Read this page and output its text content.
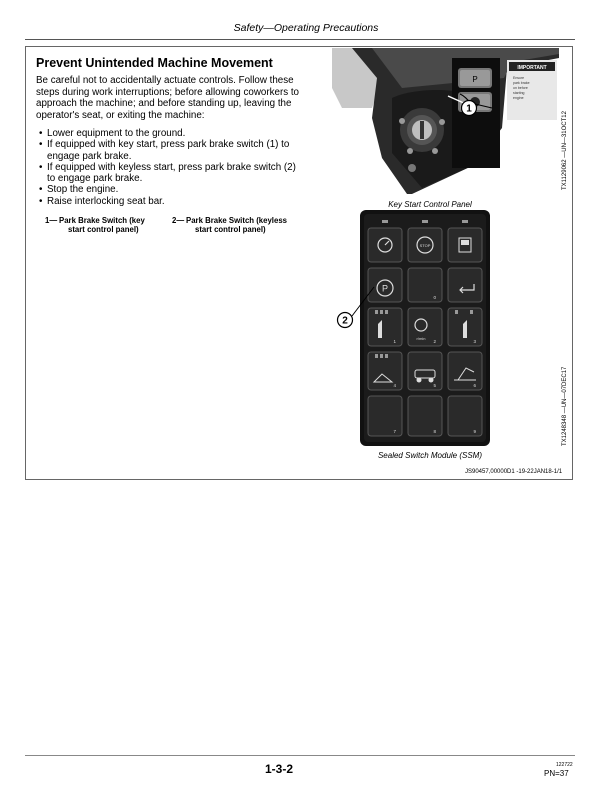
Safety—Operating Precautions
Prevent Unintended Machine Movement

Be careful not to accidentally actuate controls. Follow these steps during work interruptions; before allowing coworkers to approach the machine; and before standing up, leaving the operator's seat, or exiting the machine:

• Lower equipment to the ground.
• If equipped with key start, press park brake switch (1) to engage park brake.
• If equipped with keyless start, press park brake switch (2) to engage park brake.
• Stop the engine.
• Raise interlocking seat bar.
1— Park Brake Switch (key
start control panel)
2— Park Brake Switch (keyless
start control panel)
P
IMPORTANT
Ensure
park brake
on before
starting
engine
1
Key Start Control Panel
TX1129062 —UN—31OCT12
STOP
P
0
1
r/min
2	3
4	5	6
7	8	9
2
Sealed Switch Module (SSM)
TX1248348 —UN—07DEC17
JS90457,00000D1 -19-22JAN18-1/1
1-3-2	122722
PN=37
